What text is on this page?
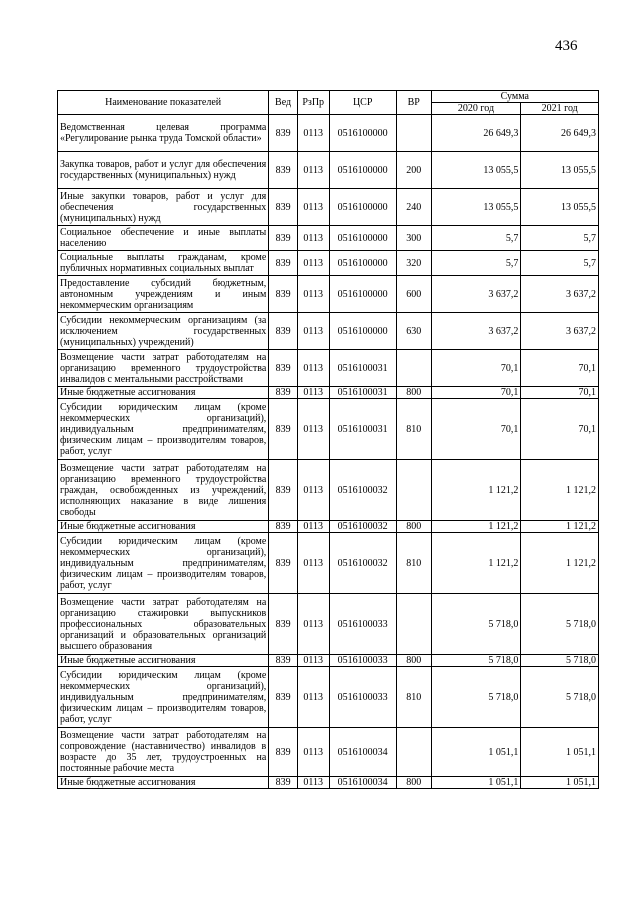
436
Наименование показателей	Вед	РзПр	ЦСР	ВР	Сумма	
					2020 год	2021 год
Ведомственная целевая программа «Регулирование рынка труда Томской области»	839	0113	0516100000		26 649,3	26 649,3
Закупка товаров, работ и услуг для обеспечения государственных (муниципальных) нужд	839	0113	0516100000	200	13 055,5	13 055,5
Иные закупки товаров, работ и услуг для обеспечения государственных (муниципальных) нужд	839	0113	0516100000	240	13 055,5	13 055,5
Социальное обеспечение и иные выплаты населению	839	0113	0516100000	300	5,7	5,7
Социальные выплаты гражданам, кроме публичных нормативных социальных выплат	839	0113	0516100000	320	5,7	5,7
Предоставление субсидий бюджетным, автономным учреждениям и иным некоммерческим организациям	839	0113	0516100000	600	3 637,2	3 637,2
Субсидии некоммерческим организациям (за исключением государственных (муниципальных) учреждений)	839	0113	0516100000	630	3 637,2	3 637,2
Возмещение части затрат работодателям на организацию временного трудоустройства инвалидов с ментальными расстройствами	839	0113	0516100031		70,1	70,1
Иные бюджетные ассигнования	839	0113	0516100031	800	70,1	70,1
Субсидии юридическим лицам (кроме некоммерческих организаций), индивидуальным предпринимателям, физическим лицам – производителям товаров, работ, услуг	839	0113	0516100031	810	70,1	70,1
Возмещение части затрат работодателям на организацию временного трудоустройства граждан, освобожденных из учреждений, исполняющих наказание в виде лишения свободы	839	0113	0516100032		1 121,2	1 121,2
Иные бюджетные ассигнования	839	0113	0516100032	800	1 121,2	1 121,2
Субсидии юридическим лицам (кроме некоммерческих организаций), индивидуальным предпринимателям, физическим лицам – производителям товаров, работ, услуг	839	0113	0516100032	810	1 121,2	1 121,2
Возмещение части затрат работодателям на организацию стажировки выпускников профессиональных образовательных организаций и образовательных организаций высшего образования	839	0113	0516100033		5 718,0	5 718,0
Иные бюджетные ассигнования	839	0113	0516100033	800	5 718,0	5 718,0
Субсидии юридическим лицам (кроме некоммерческих организаций), индивидуальным предпринимателям, физическим лицам – производителям товаров, работ, услуг	839	0113	0516100033	810	5 718,0	5 718,0
Возмещение части затрат работодателям на сопровождение (наставничество) инвалидов в возрасте до 35 лет, трудоустроенных на постоянные рабочие места	839	0113	0516100034		1 051,1	1 051,1
Иные бюджетные ассигнования	839	0113	0516100034	800	1 051,1	1 051,1
